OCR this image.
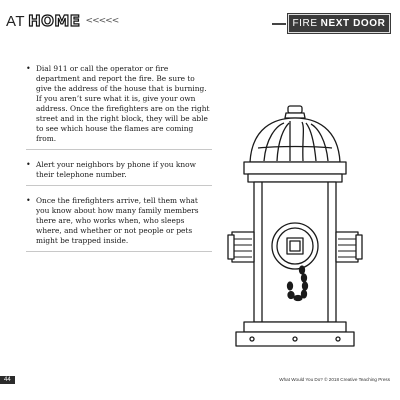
AT HOME <<<<<	FIRE NEXT DOOR
• Dial 911 or call the operator or fire department and report the fire. Be sure to give the address of the house that is burning. If you aren’t sure what it is, give your own address. Once the firefighters are on the right street and in the right block, they will be able to see which house the flames are coming from.
• Alert your neighbors by phone if you know their telephone number.
• Once the firefighters arrive, tell them what you know about how many family members there are, who works when, who sleeps where, and whether or not people or pets might be trapped inside.
44	What Would You Do? © 2018 Creative Teaching Press
